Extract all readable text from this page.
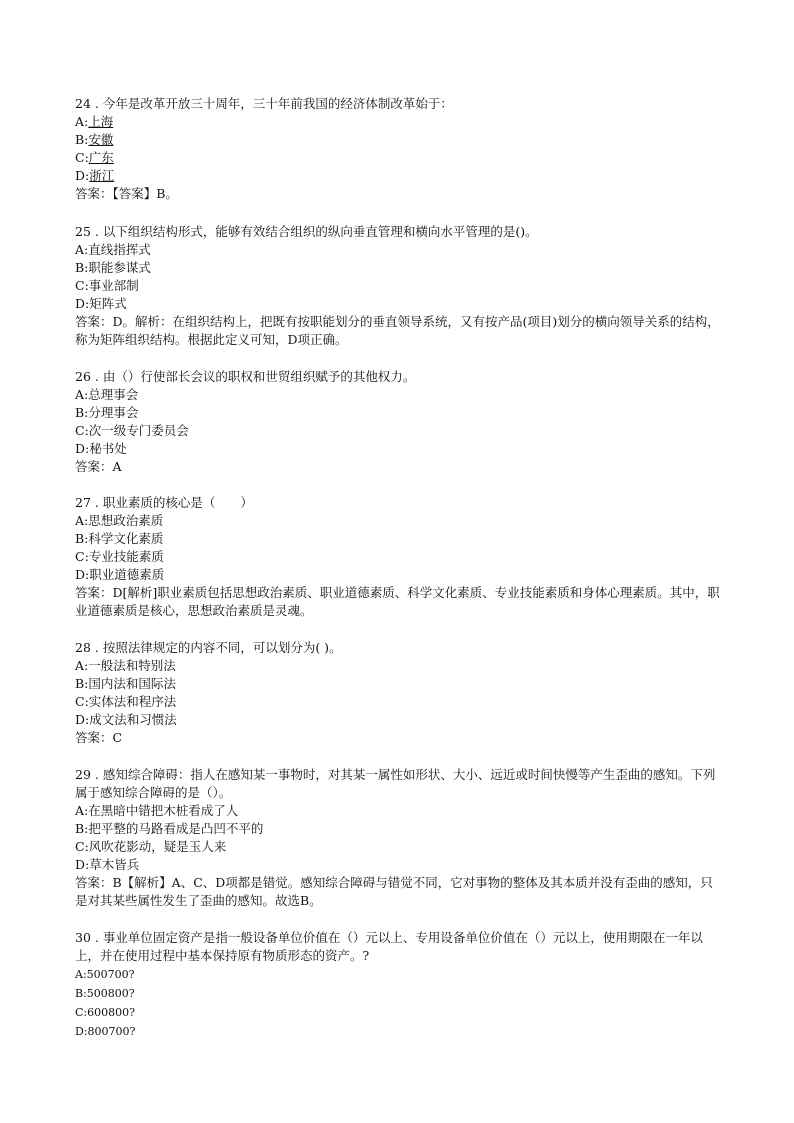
24 . 今年是改革开放三十周年，三十年前我国的经济体制改革始于：

A:上海

B:安徽

C:广东

D:浙江

答案：【答案】B。

25 . 以下组织结构形式，能够有效结合组织的纵向垂直管理和横向水平管理的是()。

A:直线指挥式

B:职能参谋式

C:事业部制

D:矩阵式

答案：D。解析：在组织结构上，把既有按职能划分的垂直领导系统，又有按产品(项目)划分的横向领导关系的结构，称为矩阵组织结构。根据此定义可知，D项正确。

26 . 由（）行使部长会议的职权和世贸组织赋予的其他权力。

A:总理事会

B:分理事会

C:次一级专门委员会

D:秘书处

答案：A

27 . 职业素质的核心是（　　）

A:思想政治素质

B:科学文化素质

C:专业技能素质

D:职业道德素质

答案：D[解析]职业素质包括思想政治素质、职业道德素质、科学文化素质、专业技能素质和身体心理素质。其中，职业道德素质是核心，思想政治素质是灵魂。

28 . 按照法律规定的内容不同，可以划分为( )。

A:一般法和特别法

B:国内法和国际法

C:实体法和程序法

D:成文法和习惯法

答案：C

29 . 感知综合障碍：指人在感知某一事物时，对其某一属性如形状、大小、远近或时间快慢等产生歪曲的感知。下列属于感知综合障碍的是（）。

A:在黑暗中错把木桩看成了人

B:把平整的马路看成是凸凹不平的

C:风吹花影动，疑是玉人来

D:草木皆兵

答案：B【解析】A、C、D项都是错觉。感知综合障碍与错觉不同，它对事物的整体及其本质并没有歪曲的感知，只是对其某些属性发生了歪曲的感知。故选B。

30 . 事业单位固定资产是指一般设备单位价值在（）元以上、专用设备单位价值在（）元以上，使用期限在一年以上，并在使用过程中基本保持原有物质形态的资产。?

A:500700?

B:500800?

C:600800?

D:800700?
